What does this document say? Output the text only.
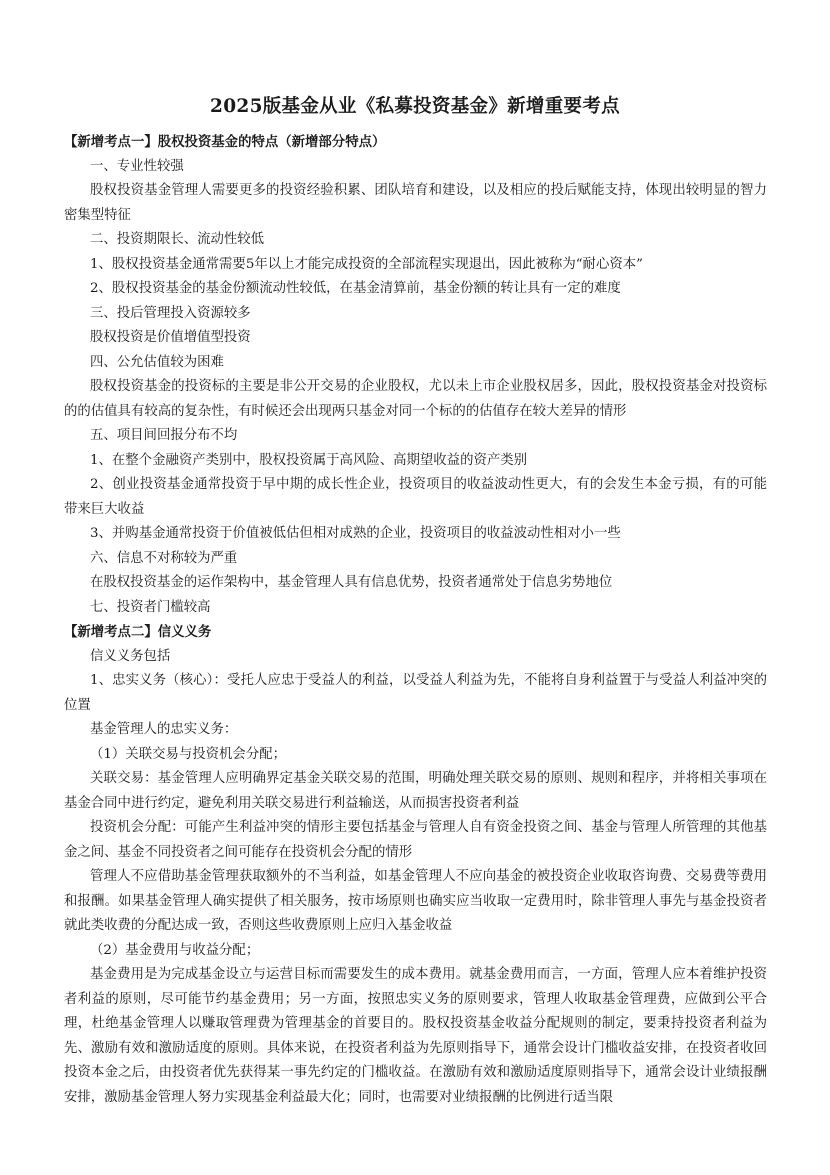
2025版基金从业《私募投资基金》新增重要考点

【新增考点一】股权投资基金的特点（新增部分特点）

一、专业性较强

股权投资基金管理人需要更多的投资经验积累、团队培育和建设，以及相应的投后赋能支持，体现出较明显的智力密集型特征

二、投资期限长、流动性较低

1、股权投资基金通常需要5年以上才能完成投资的全部流程实现退出，因此被称为“耐心资本”

2、股权投资基金的基金份额流动性较低，在基金清算前，基金份额的转让具有一定的难度

三、投后管理投入资源较多

股权投资是价值增值型投资

四、公允估值较为困难

股权投资基金的投资标的主要是非公开交易的企业股权，尤以未上市企业股权居多，因此，股权投资基金对投资标的的估值具有较高的复杂性，有时候还会出现两只基金对同一个标的的估值存在较大差异的情形

五、项目间回报分布不均

1、在整个金融资产类别中，股权投资属于高风险、高期望收益的资产类别

2、创业投资基金通常投资于早中期的成长性企业，投资项目的收益波动性更大，有的会发生本金亏损，有的可能带来巨大收益

3、并购基金通常投资于价值被低估但相对成熟的企业，投资项目的收益波动性相对小一些

六、信息不对称较为严重

在股权投资基金的运作架构中，基金管理人具有信息优势，投资者通常处于信息劣势地位

七、投资者门槛较高

【新增考点二】信义义务

信义义务包括

1、忠实义务（核心）：受托人应忠于受益人的利益，以受益人利益为先，不能将自身利益置于与受益人利益冲突的位置

基金管理人的忠实义务：

（1）关联交易与投资机会分配；

关联交易：基金管理人应明确界定基金关联交易的范围，明确处理关联交易的原则、规则和程序，并将相关事项在基金合同中进行约定，避免利用关联交易进行利益输送，从而损害投资者利益

投资机会分配：可能产生利益冲突的情形主要包括基金与管理人自有资金投资之间、基金与管理人所管理的其他基金之间、基金不同投资者之间可能存在投资机会分配的情形

管理人不应借助基金管理获取额外的不当利益，如基金管理人不应向基金的被投资企业收取咨询费、交易费等费用和报酬。如果基金管理人确实提供了相关服务，按市场原则也确实应当收取一定费用时，除非管理人事先与基金投资者就此类收费的分配达成一致，否则这些收费原则上应归入基金收益

（2）基金费用与收益分配；

基金费用是为完成基金设立与运营目标而需要发生的成本费用。就基金费用而言，一方面，管理人应本着维护投资者利益的原则，尽可能节约基金费用；另一方面，按照忠实义务的原则要求，管理人收取基金管理费，应做到公平合理，杜绝基金管理人以赚取管理费为管理基金的首要目的。股权投资基金收益分配规则的制定，要秉持投资者利益为先、激励有效和激励适度的原则。具体来说，在投资者利益为先原则指导下，通常会设计门槛收益安排，在投资者收回投资本金之后，由投资者优先获得某一事先约定的门槛收益。在激励有效和激励适度原则指导下，通常会设计业绩报酬安排，激励基金管理人努力实现基金利益最大化；同时，也需要对业绩报酬的比例进行适当限
